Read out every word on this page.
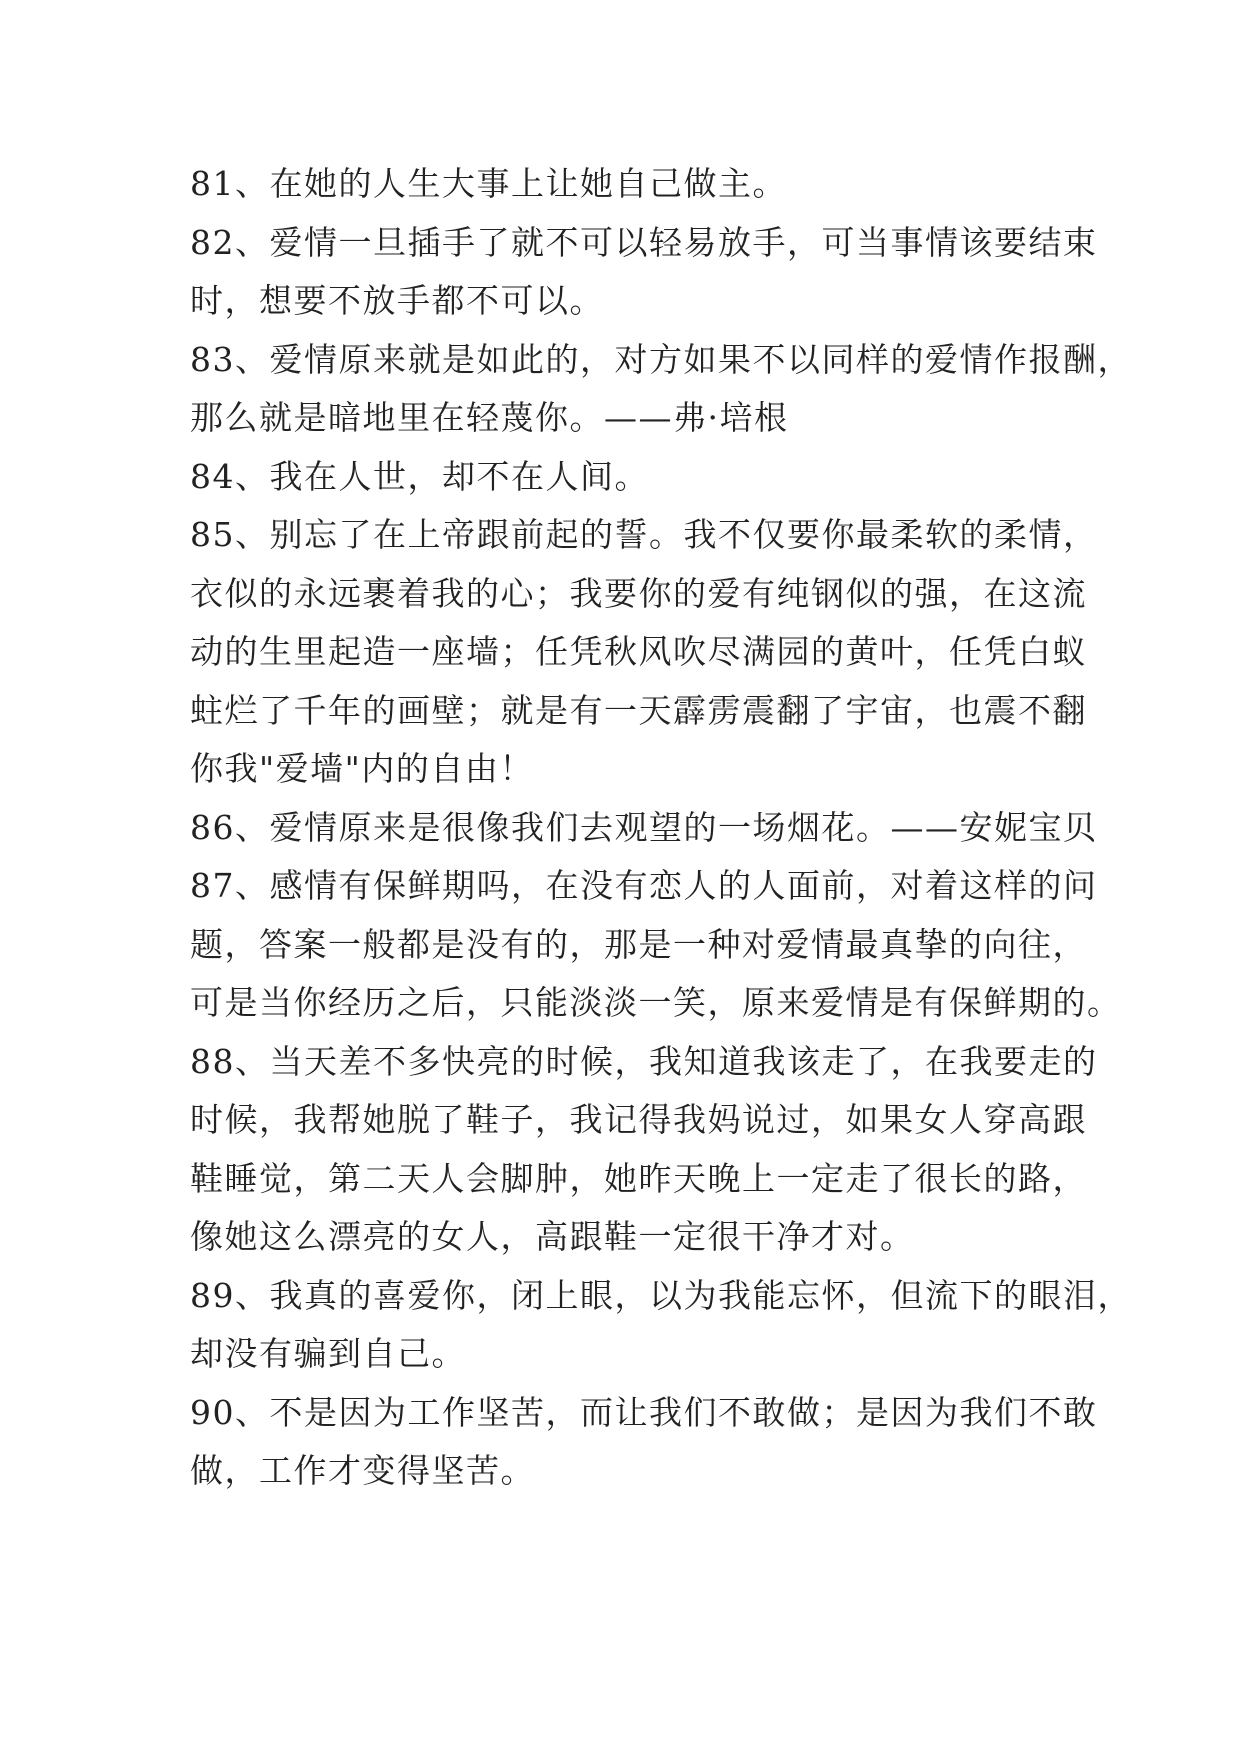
81、在她的人生大事上让她自己做主。

82、爱情一旦插手了就不可以轻易放手，可当事情该要结束
时，想要不放手都不可以。

83、爱情原来就是如此的，对方如果不以同样的爱情作报酬，
那么就是暗地里在轻蔑你。——弗·培根

84、我在人世，却不在人间。

85、别忘了在上帝跟前起的誓。我不仅要你最柔软的柔情，
衣似的永远裹着我的心；我要你的爱有纯钢似的强，在这流
动的生里起造一座墙；任凭秋风吹尽满园的黄叶，任凭白蚁
蛀烂了千年的画壁；就是有一天霹雳震翻了宇宙，也震不翻
你我"爱墙"内的自由！

86、爱情原来是很像我们去观望的一场烟花。——安妮宝贝

87、感情有保鲜期吗，在没有恋人的人面前，对着这样的问
题，答案一般都是没有的，那是一种对爱情最真挚的向往，
可是当你经历之后，只能淡淡一笑，原来爱情是有保鲜期的。

88、当天差不多快亮的时候，我知道我该走了，在我要走的
时候，我帮她脱了鞋子，我记得我妈说过，如果女人穿高跟
鞋睡觉，第二天人会脚肿，她昨天晚上一定走了很长的路，
像她这么漂亮的女人，高跟鞋一定很干净才对。

89、我真的喜爱你，闭上眼，以为我能忘怀，但流下的眼泪，
却没有骗到自己。

90、不是因为工作坚苦，而让我们不敢做；是因为我们不敢
做，工作才变得坚苦。
